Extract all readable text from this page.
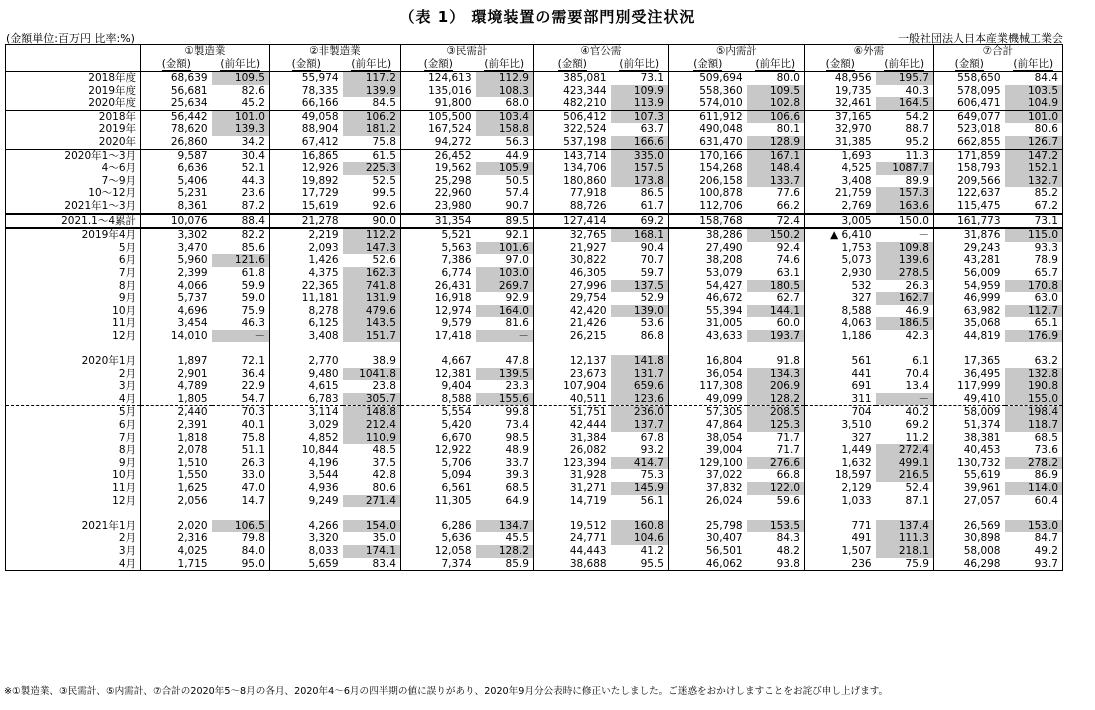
（表 1） 環境装置の需要部門別受注状況
(金額単位:百万円 比率:%)	一般社団法人日本産業機械工業会
	①製造業		②非製造業		③民需計		④官公需		⑤内需計		⑥外需		⑦合計	
	(金額)	(前年比)	(金額)	(前年比)	(金額)	(前年比)	(金額)	(前年比)	(金額)	(前年比)	(金額)	(前年比)	(金額)	(前年比)
2018年度	68,639	109.5	55,974	117.2	124,613	112.9	385,081	73.1	509,694	80.0	48,956	195.7	558,650	84.4
2019年度	56,681	82.6	78,335	139.9	135,016	108.3	423,344	109.9	558,360	109.5	19,735	40.3	578,095	103.5
2020年度	25,634	45.2	66,166	84.5	91,800	68.0	482,210	113.9	574,010	102.8	32,461	164.5	606,471	104.9
2018年	56,442	101.0	49,058	106.2	105,500	103.4	506,412	107.3	611,912	106.6	37,165	54.2	649,077	101.0
2019年	78,620	139.3	88,904	181.2	167,524	158.8	322,524	63.7	490,048	80.1	32,970	88.7	523,018	80.6
2020年	26,860	34.2	67,412	75.8	94,272	56.3	537,198	166.6	631,470	128.9	31,385	95.2	662,855	126.7
2020年1～3月	9,587	30.4	16,865	61.5	26,452	44.9	143,714	335.0	170,166	167.1	1,693	11.3	171,859	147.2
4～6月	6,636	52.1	12,926	225.3	19,562	105.9	134,706	157.5	154,268	148.4	4,525	1087.7	158,793	152.1
7～9月	5,406	44.3	19,892	52.5	25,298	50.5	180,860	173.8	206,158	133.7	3,408	89.9	209,566	132.7
10～12月	5,231	23.6	17,729	99.5	22,960	57.4	77,918	86.5	100,878	77.6	21,759	157.3	122,637	85.2
2021年1～3月	8,361	87.2	15,619	92.6	23,980	90.7	88,726	61.7	112,706	66.2	2,769	163.6	115,475	67.2
2021.1～4累計	10,076	88.4	21,278	90.0	31,354	89.5	127,414	69.2	158,768	72.4	3,005	150.0	161,773	73.1
2019年4月	3,302	82.2	2,219	112.2	5,521	92.1	32,765	168.1	38,286	150.2	▲ 6,410	－	31,876	115.0
5月	3,470	85.6	2,093	147.3	5,563	101.6	21,927	90.4	27,490	92.4	1,753	109.8	29,243	93.3
6月	5,960	121.6	1,426	52.6	7,386	97.0	30,822	70.7	38,208	74.6	5,073	139.6	43,281	78.9
7月	2,399	61.8	4,375	162.3	6,774	103.0	46,305	59.7	53,079	63.1	2,930	278.5	56,009	65.7
8月	4,066	59.9	22,365	741.8	26,431	269.7	27,996	137.5	54,427	180.5	532	26.3	54,959	170.8
9月	5,737	59.0	11,181	131.9	16,918	92.9	29,754	52.9	46,672	62.7	327	162.7	46,999	63.0
10月	4,696	75.9	8,278	479.6	12,974	164.0	42,420	139.0	55,394	144.1	8,588	46.9	63,982	112.7
11月	3,454	46.3	6,125	143.5	9,579	81.6	21,426	53.6	31,005	60.0	4,063	186.5	35,068	65.1
12月	14,010	－	3,408	151.7	17,418	－	26,215	86.8	43,633	193.7	1,186	42.3	44,819	176.9

2020年1月	1,897	72.1	2,770	38.9	4,667	47.8	12,137	141.8	16,804	91.8	561	6.1	17,365	63.2
2月	2,901	36.4	9,480	1041.8	12,381	139.5	23,673	131.7	36,054	134.3	441	70.4	36,495	132.8
3月	4,789	22.9	4,615	23.8	9,404	23.3	107,904	659.6	117,308	206.9	691	13.4	117,999	190.8
4月	1,805	54.7	6,783	305.7	8,588	155.6	40,511	123.6	49,099	128.2	311	－	49,410	155.0
5月	2,440	70.3	3,114	148.8	5,554	99.8	51,751	236.0	57,305	208.5	704	40.2	58,009	198.4
6月	2,391	40.1	3,029	212.4	5,420	73.4	42,444	137.7	47,864	125.3	3,510	69.2	51,374	118.7
7月	1,818	75.8	4,852	110.9	6,670	98.5	31,384	67.8	38,054	71.7	327	11.2	38,381	68.5
8月	2,078	51.1	10,844	48.5	12,922	48.9	26,082	93.2	39,004	71.7	1,449	272.4	40,453	73.6
9月	1,510	26.3	4,196	37.5	5,706	33.7	123,394	414.7	129,100	276.6	1,632	499.1	130,732	278.2
10月	1,550	33.0	3,544	42.8	5,094	39.3	31,928	75.3	37,022	66.8	18,597	216.5	55,619	86.9
11月	1,625	47.0	4,936	80.6	6,561	68.5	31,271	145.9	37,832	122.0	2,129	52.4	39,961	114.0
12月	2,056	14.7	9,249	271.4	11,305	64.9	14,719	56.1	26,024	59.6	1,033	87.1	27,057	60.4

2021年1月	2,020	106.5	4,266	154.0	6,286	134.7	19,512	160.8	25,798	153.5	771	137.4	26,569	153.0
2月	2,316	79.8	3,320	35.0	5,636	45.5	24,771	104.6	30,407	84.3	491	111.3	30,898	84.7
3月	4,025	84.0	8,033	174.1	12,058	128.2	44,443	41.2	56,501	48.2	1,507	218.1	58,008	49.2
4月	1,715	95.0	5,659	83.4	7,374	85.9	38,688	95.5	46,062	93.8	236	75.9	46,298	93.7
※①製造業、③民需計、⑤内需計、⑦合計の2020年5～8月の各月、2020年4～6月の四半期の値に誤りがあり、2020年9月分公表時に修正いたしました。ご迷惑をおかけしますことをお詫び申し上げます。
